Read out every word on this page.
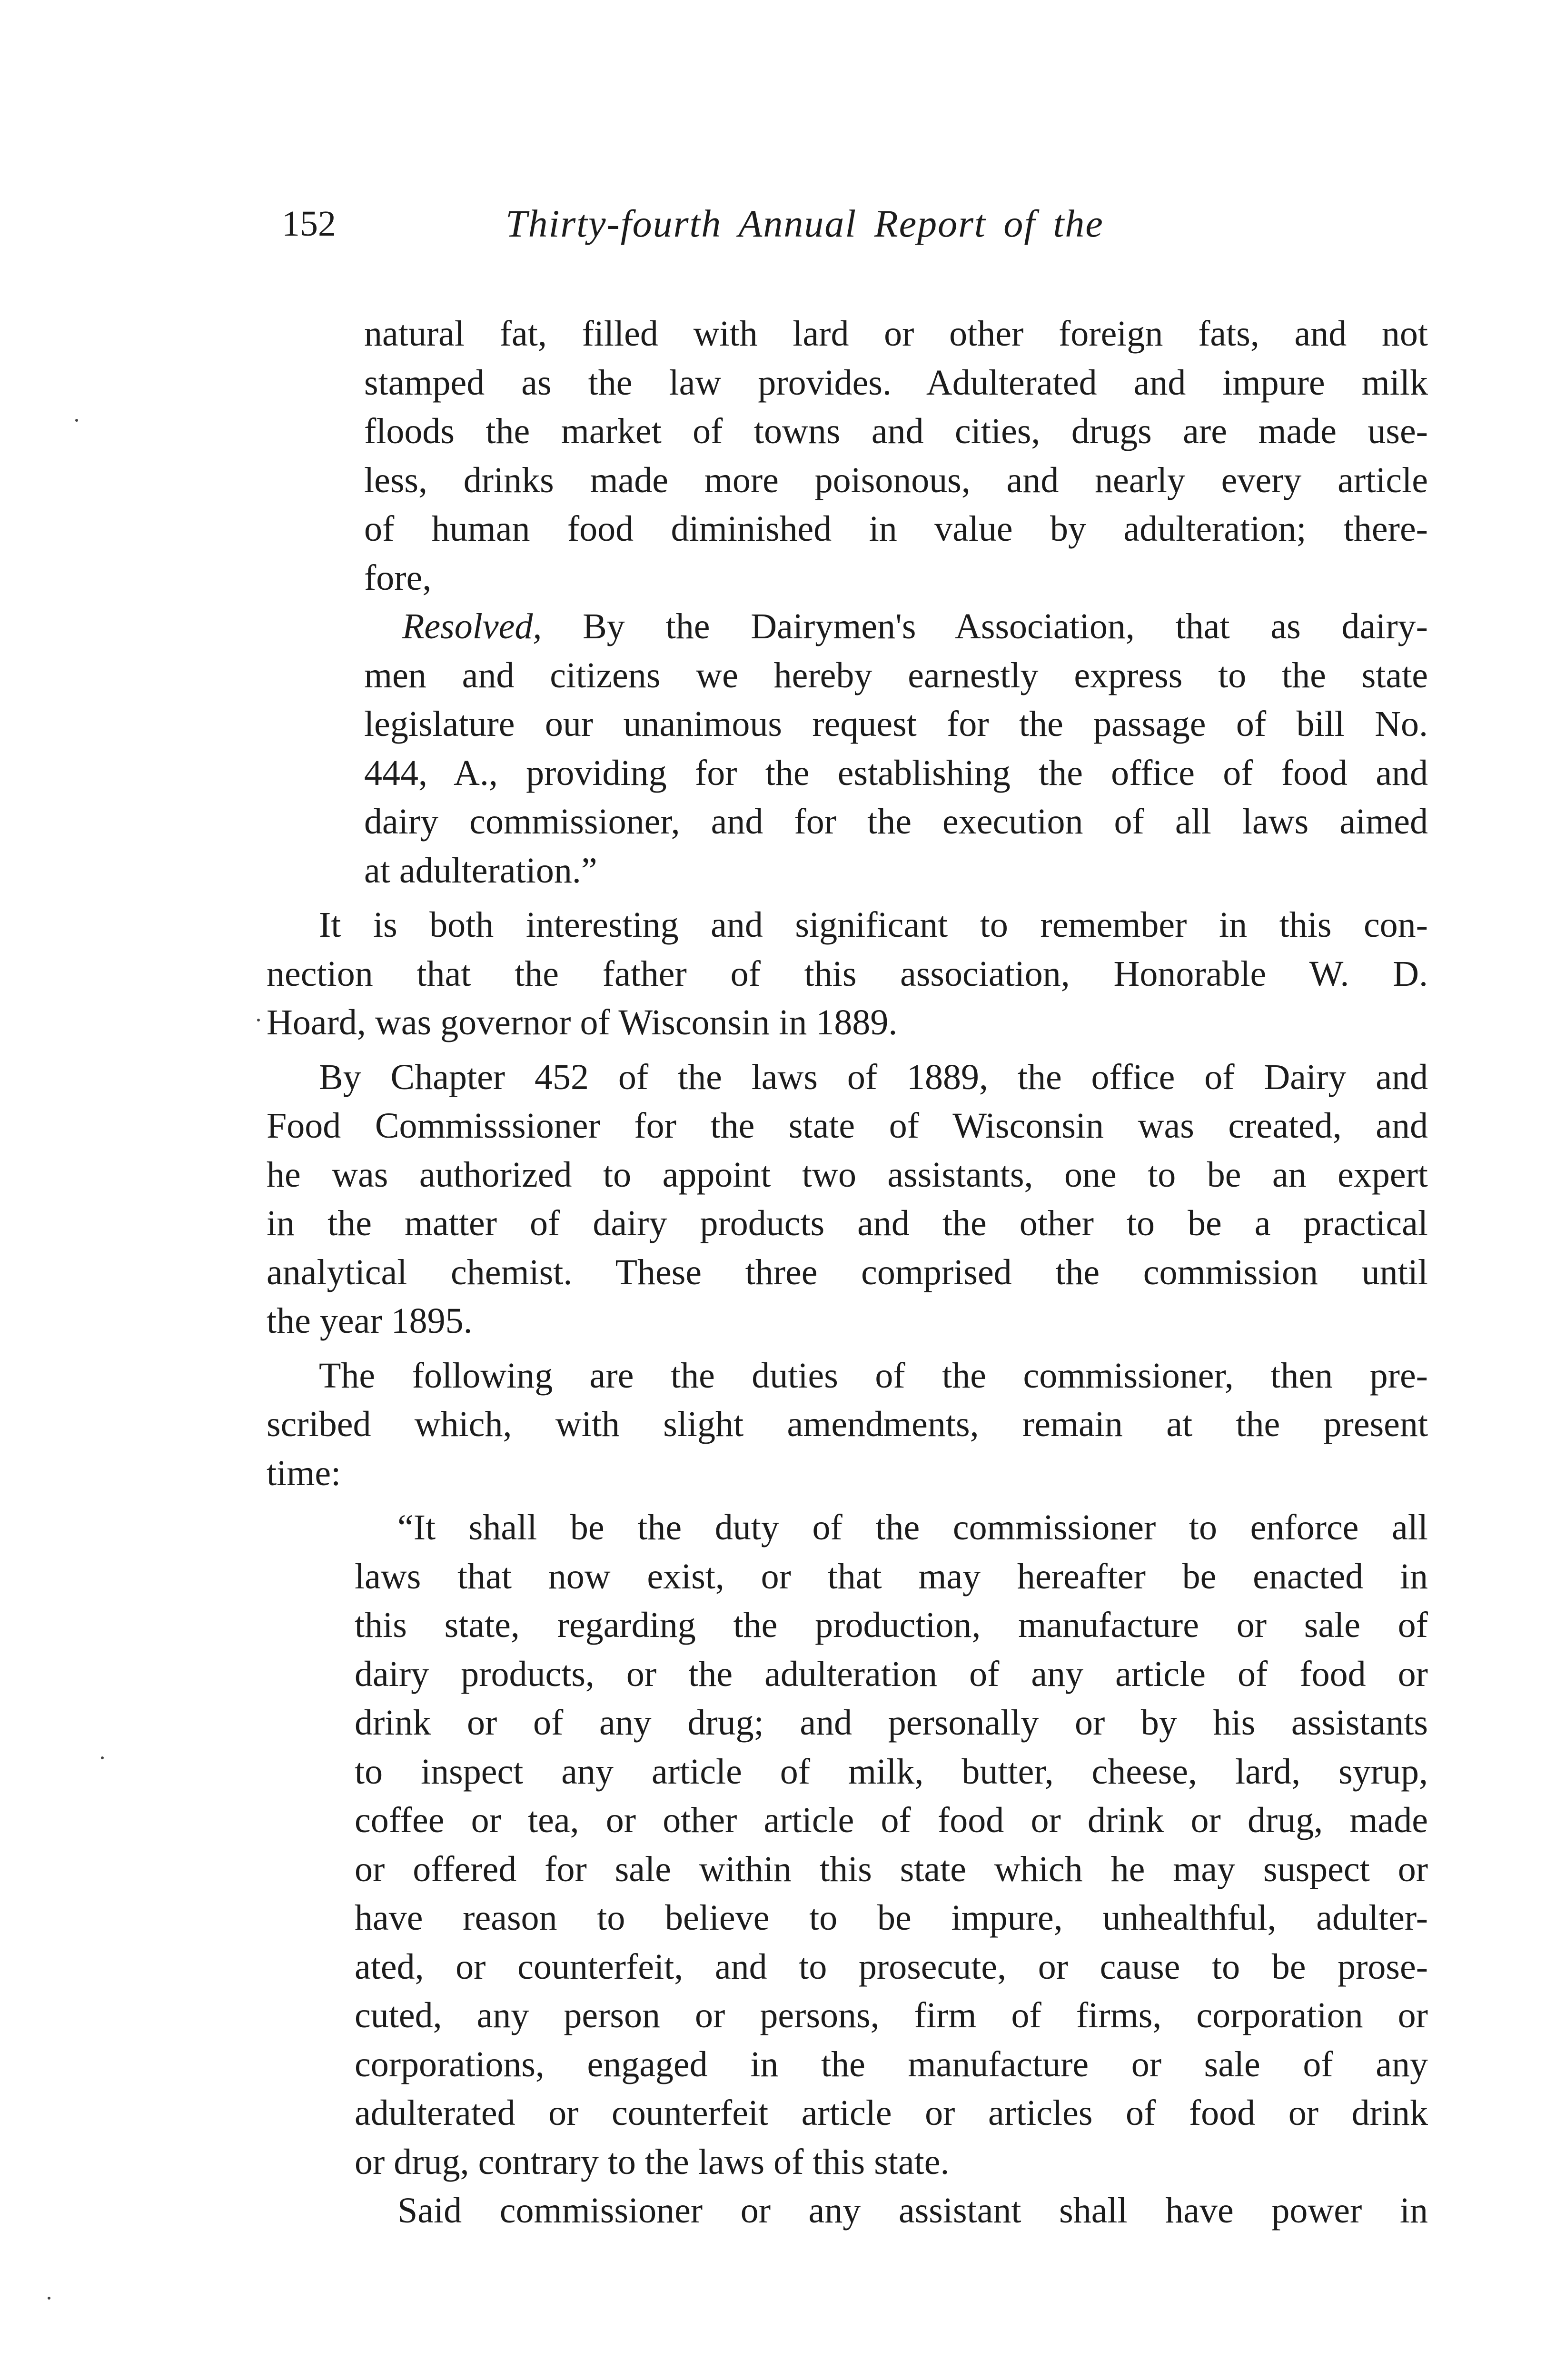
152	Thirty-fourth Annual Report of the
natural fat, filled with lard or other foreign fats, and not
stamped as the law provides. Adulterated and impure milk
floods the market of towns and cities, drugs are made use-
less, drinks made more poisonous, and nearly every article
of human food diminished in value by adulteration; there-
fore,
Resolved, By the Dairymen's Association, that as dairy-
men and citizens we hereby earnestly express to the state
legislature our unanimous request for the passage of bill No.
444, A., providing for the establishing the office of food and
dairy commissioner, and for the execution of all laws aimed
at adulteration.”
It is both interesting and significant to remember in this con-
nection that the father of this association, Honorable W. D.
Hoard, was governor of Wisconsin in 1889.
By Chapter 452 of the laws of 1889, the office of Dairy and
Food Commisssioner for the state of Wisconsin was created, and
he was authorized to appoint two assistants, one to be an expert
in the matter of dairy products and the other to be a practical
analytical chemist. These three comprised the commission until
the year 1895.
The following are the duties of the commissioner, then pre-
scribed which, with slight amendments, remain at the present
time:
“It shall be the duty of the commissioner to enforce all
laws that now exist, or that may hereafter be enacted in
this state, regarding the production, manufacture or sale of
dairy products, or the adulteration of any article of food or
drink or of any drug; and personally or by his assistants
to inspect any article of milk, butter, cheese, lard, syrup,
coffee or tea, or other article of food or drink or drug, made
or offered for sale within this state which he may suspect or
have reason to believe to be impure, unhealthful, adulter-
ated, or counterfeit, and to prosecute, or cause to be prose-
cuted, any person or persons, firm of firms, corporation or
corporations, engaged in the manufacture or sale of any
adulterated or counterfeit article or articles of food or drink
or drug, contrary to the laws of this state.
Said commissioner or any assistant shall have power in
